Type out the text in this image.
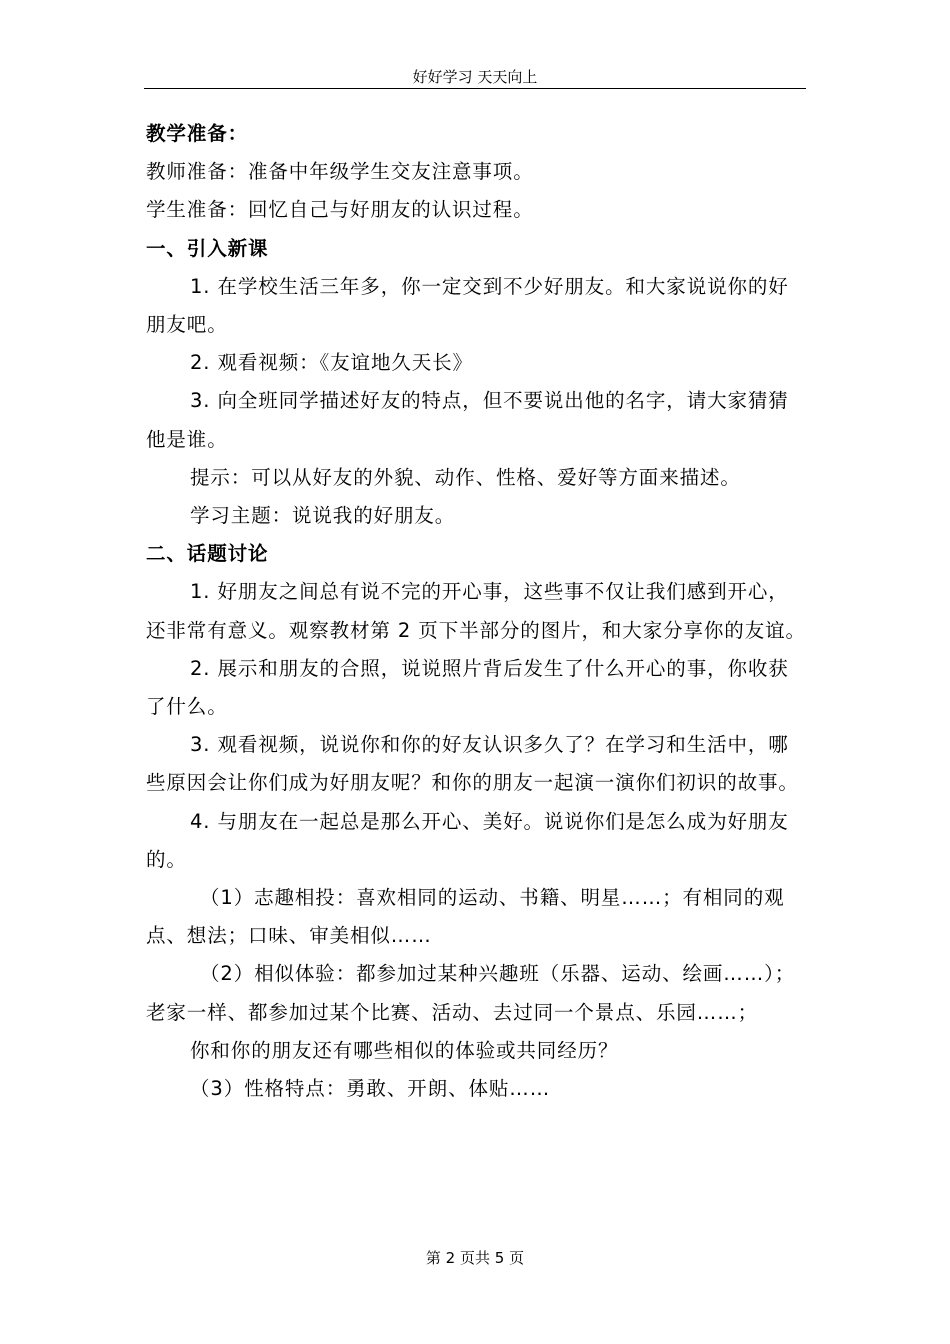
好好学习 天天向上

教学准备：

教师准备：准备中年级学生交友注意事项。

学生准备：回忆自己与好朋友的认识过程。

一、引入新课

1. 在学校生活三年多，你一定交到不少好朋友。和大家说说你的好朋友吧。

2. 观看视频：《友谊地久天长》

3. 向全班同学描述好友的特点，但不要说出他的名字，请大家猜猜他是谁。

提示：可以从好友的外貌、动作、性格、爱好等方面来描述。

学习主题：说说我的好朋友。

二、话题讨论

1. 好朋友之间总有说不完的开心事，这些事不仅让我们感到开心，还非常有意义。观察教材第 2 页下半部分的图片，和大家分享你的友谊。

2. 展示和朋友的合照，说说照片背后发生了什么开心的事，你收获了什么。

3. 观看视频，说说你和你的好友认识多久了？在学习和生活中，哪些原因会让你们成为好朋友呢？和你的朋友一起演一演你们初识的故事。

4. 与朋友在一起总是那么开心、美好。说说你们是怎么成为好朋友的。

（1）志趣相投：喜欢相同的运动、书籍、明星……；有相同的观点、想法；口味、审美相似……

（2）相似体验：都参加过某种兴趣班（乐器、运动、绘画……）；老家一样、都参加过某个比赛、活动、去过同一个景点、乐园……；

你和你的朋友还有哪些相似的体验或共同经历？

（3）性格特点：勇敢、开朗、体贴……

第 2 页共 5 页
